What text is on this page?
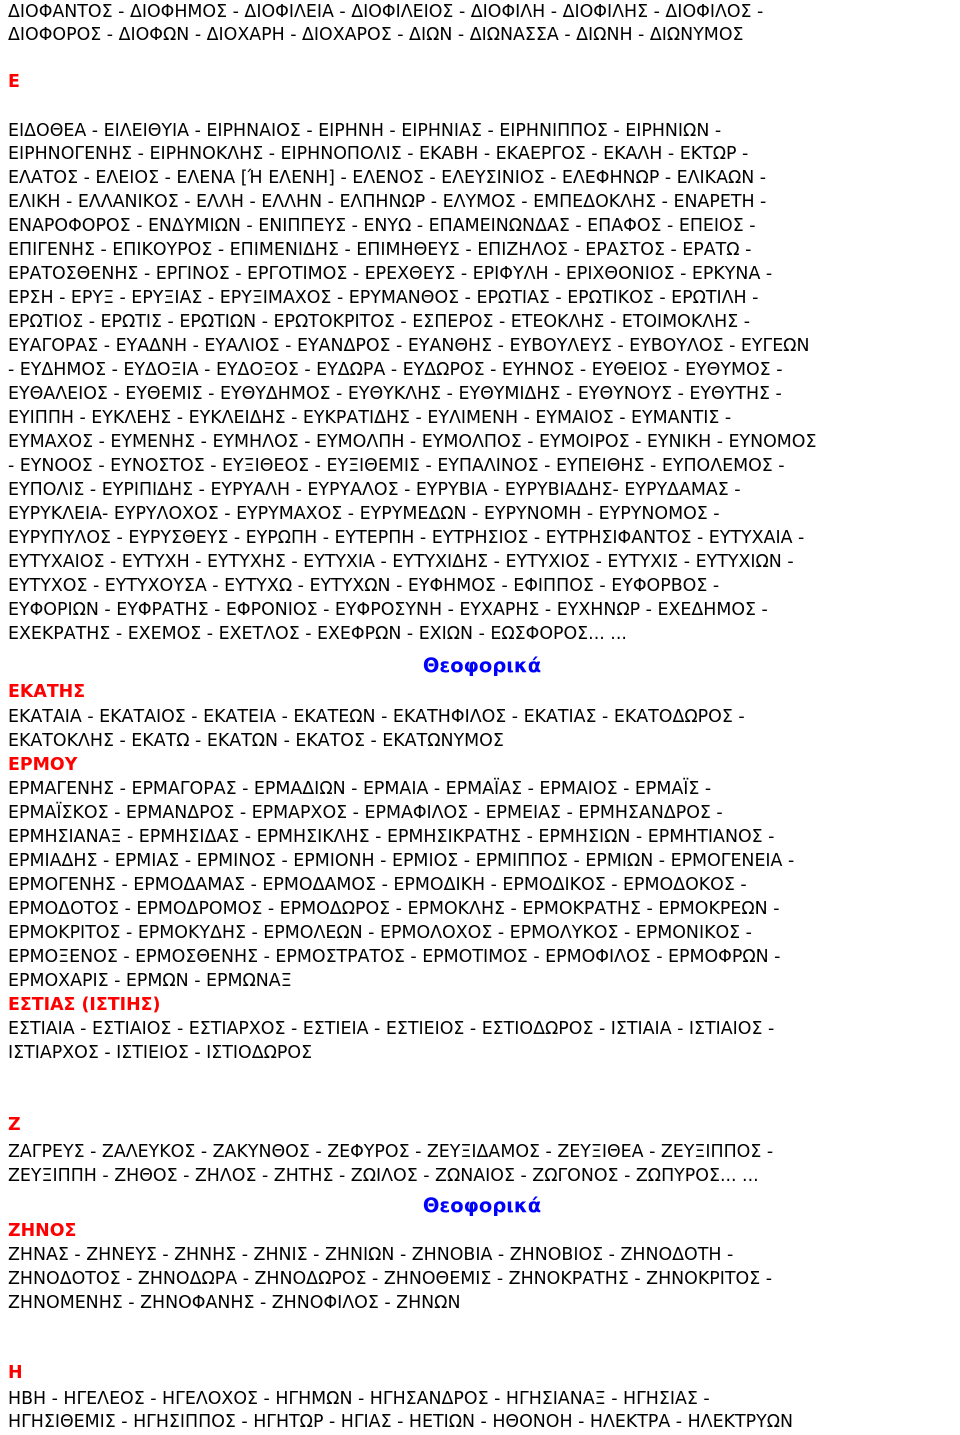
ΔΙΟΦΑΝΤΟΣ - ΔΙΟΦΗΜΟΣ - ΔΙΟΦΙΛΕΙΑ - ΔΙΟΦΙΛΕΙΟΣ - ΔΙΟΦΙΛΗ - ΔΙΟΦΙΛΗΣ - ΔΙΟΦΙΛΟΣ -
ΔΙΟΦΟΡΟΣ - ΔΙΟΦΩΝ - ΔΙΟΧΑΡΗ - ΔΙΟΧΑΡΟΣ - ΔΙΩΝ - ΔΙΩΝΑΣΣΑ - ΔΙΩΝΗ - ΔΙΩΝΥΜΟΣ
Ε
ΕΙΔΟΘΕΑ - ΕΙΛΕΙΘΥΙΑ - ΕΙΡΗΝΑΙΟΣ - ΕΙΡΗΝΗ - ΕΙΡΗΝΙΑΣ - ΕΙΡΗΝΙΠΠΟΣ - ΕΙΡΗΝΙΩΝ -
ΕΙΡΗΝΟΓΕΝΗΣ - ΕΙΡΗΝΟΚΛΗΣ - ΕΙΡΗΝΟΠΟΛΙΣ - ΕΚΑΒΗ - ΕΚΑΕΡΓΟΣ - ΕΚΑΛΗ - ΕΚΤΩΡ -
ΕΛΑΤΟΣ - ΕΛΕΙΟΣ - ΕΛΕΝΑ [Ή ΕΛΕΝΗ] - ΕΛΕΝΟΣ - ΕΛΕΥΣΙΝΙΟΣ - ΕΛΕΦΗΝΩΡ - ΕΛΙΚΑΩΝ -
ΕΛΙΚΗ - ΕΛΛΑΝΙΚΟΣ - ΕΛΛΗ - ΕΛΛΗΝ - ΕΛΠΗΝΩΡ - ΕΛΥΜΟΣ - ΕΜΠΕΔΟΚΛΗΣ - ΕΝΑΡΕΤΗ -
ΕΝΑΡΟΦΟΡΟΣ - ΕΝΔΥΜΙΩΝ - ΕΝΙΠΠΕΥΣ - ΕΝΥΩ - ΕΠΑΜΕΙΝΩΝΔΑΣ - ΕΠΑΦΟΣ - ΕΠΕΙΟΣ -
ΕΠΙΓΕΝΗΣ - ΕΠΙΚΟΥΡΟΣ - ΕΠΙΜΕΝΙΔΗΣ - ΕΠΙΜΗΘΕΥΣ - ΕΠΙΖΗΛΟΣ - ΕΡΑΣΤΟΣ - ΕΡΑΤΩ -
ΕΡΑΤΟΣΘΕΝΗΣ - ΕΡΓΙΝΟΣ - ΕΡΓΟΤΙΜΟΣ - ΕΡΕΧΘΕΥΣ - ΕΡΙΦΥΛΗ - ΕΡΙΧΘΟΝΙΟΣ - ΕΡΚΥΝΑ -
ΕΡΣΗ - ΕΡΥΞ - ΕΡΥΞΙΑΣ - ΕΡΥΞΙΜΑΧΟΣ - ΕΡΥΜΑΝΘΟΣ - ΕΡΩΤΙΑΣ - ΕΡΩΤΙΚΟΣ - ΕΡΩΤΙΛΗ -
ΕΡΩΤΙΟΣ - ΕΡΩΤΙΣ - ΕΡΩΤΙΩΝ - ΕΡΩΤΟΚΡΙΤΟΣ - ΕΣΠΕΡΟΣ - ΕΤΕΟΚΛΗΣ - ΕΤΟΙΜΟΚΛΗΣ -
ΕΥΑΓΟΡΑΣ - ΕΥΑΔΝΗ - ΕΥΑΛΙΟΣ - ΕΥΑΝΔΡΟΣ - ΕΥΑΝΘΗΣ - ΕΥΒΟΥΛΕΥΣ - ΕΥΒΟΥΛΟΣ - ΕΥΓΕΩΝ
- ΕΥΔΗΜΟΣ - ΕΥΔΟΞΙΑ - ΕΥΔΟΞΟΣ - ΕΥΔΩΡΑ - ΕΥΔΩΡΟΣ - ΕΥΗΝΟΣ - ΕΥΘΕΙΟΣ - ΕΥΘΥΜΟΣ -
ΕΥΘΑΛΕΙΟΣ - ΕΥΘΕΜΙΣ - ΕΥΘΥΔΗΜΟΣ - ΕΥΘΥΚΛΗΣ - ΕΥΘΥΜΙΔΗΣ - ΕΥΘΥΝΟΥΣ - ΕΥΘΥΤΗΣ -
ΕΥΙΠΠΗ - ΕΥΚΛΕΗΣ - ΕΥΚΛΕΙΔΗΣ - ΕΥΚΡΑΤΙΔΗΣ - ΕΥΛΙΜΕΝΗ - ΕΥΜΑΙΟΣ - ΕΥΜΑΝΤΙΣ -
ΕΥΜΑΧΟΣ - ΕΥΜΕΝΗΣ - ΕΥΜΗΛΟΣ - ΕΥΜΟΛΠΗ - ΕΥΜΟΛΠΟΣ - ΕΥΜΟΙΡΟΣ - ΕΥΝΙΚΗ - ΕΥΝΟΜΟΣ
- ΕΥΝΟΟΣ - ΕΥΝΟΣΤΟΣ - ΕΥΞΙΘΕΟΣ - ΕΥΞΙΘΕΜΙΣ - ΕΥΠΑΛΙΝΟΣ - ΕΥΠΕΙΘΗΣ - ΕΥΠΟΛΕΜΟΣ -
ΕΥΠΟΛΙΣ - ΕΥΡΙΠΙΔΗΣ - ΕΥΡΥΑΛΗ - ΕΥΡΥΑΛΟΣ - ΕΥΡΥΒΙΑ - ΕΥΡΥΒΙΑΔΗΣ- ΕΥΡΥΔΑΜΑΣ -
ΕΥΡΥΚΛΕΙΑ- ΕΥΡΥΛΟΧΟΣ - ΕΥΡΥΜΑΧΟΣ - ΕΥΡΥΜΕΔΩΝ - ΕΥΡΥΝΟΜΗ - ΕΥΡΥΝΟΜΟΣ -
ΕΥΡΥΠΥΛΟΣ - ΕΥΡΥΣΘΕΥΣ - ΕΥΡΩΠΗ - ΕΥΤΕΡΠΗ - ΕΥΤΡΗΣΙΟΣ - ΕΥΤΡΗΣΙΦΑΝΤΟΣ - ΕΥΤΥΧΑΙΑ -
ΕΥΤΥΧΑΙΟΣ - ΕΥΤΥΧΗ - ΕΥΤΥΧΗΣ - ΕΥΤΥΧΙΑ - ΕΥΤΥΧΙΔΗΣ - ΕΥΤΥΧΙΟΣ - ΕΥΤΥΧΙΣ - ΕΥΤΥΧΙΩΝ -
ΕΥΤΥΧΟΣ - ΕΥΤΥΧΟΥΣΑ - ΕΥΤΥΧΩ - ΕΥΤΥΧΩΝ - ΕΥΦΗΜΟΣ - ΕΦΙΠΠΟΣ - ΕΥΦΟΡΒΟΣ -
ΕΥΦΟΡΙΩΝ - ΕΥΦΡΑΤΗΣ - ΕΦΡΟΝΙΟΣ - ΕΥΦΡΟΣΥΝΗ - ΕΥΧΑΡΗΣ - ΕΥΧΗΝΩΡ - ΕΧΕΔΗΜΟΣ -
ΕΧΕΚΡΑΤΗΣ - ΕΧΕΜΟΣ - ΕΧΕΤΛΟΣ - ΕΧΕΦΡΩΝ - ΕΧΙΩΝ - ΕΩΣΦΟΡΟΣ... ...
Θεοφορικά
ΕΚΑΤΗΣ
ΕΚΑΤΑΙΑ - ΕΚΑΤΑΙΟΣ - ΕΚΑΤΕΙΑ - ΕΚΑΤΕΩΝ - ΕΚΑΤΗΦΙΛΟΣ - ΕΚΑΤΙΑΣ - ΕΚΑΤΟΔΩΡΟΣ -
ΕΚΑΤΟΚΛΗΣ - ΕΚΑΤΩ - ΕΚΑΤΩΝ - ΕΚΑΤΟΣ - ΕΚΑΤΩΝΥΜΟΣ
ΕΡΜΟΥ
ΕΡΜΑΓΕΝΗΣ - ΕΡΜΑΓΟΡΑΣ - ΕΡΜΑΔΙΩΝ - ΕΡΜΑΙΑ - ΕΡΜΑΪΑΣ - ΕΡΜΑΙΟΣ - ΕΡΜΑΪΣ -
ΕΡΜΑΪΣΚΟΣ - ΕΡΜΑΝΔΡΟΣ - ΕΡΜΑΡΧΟΣ - ΕΡΜΑΦΙΛΟΣ - ΕΡΜΕΙΑΣ - ΕΡΜΗΣΑΝΔΡΟΣ -
ΕΡΜΗΣΙΑΝΑΞ - ΕΡΜΗΣΙΔΑΣ - ΕΡΜΗΣΙΚΛΗΣ - ΕΡΜΗΣΙΚΡΑΤΗΣ - ΕΡΜΗΣΙΩΝ - ΕΡΜΗΤΙΑΝΟΣ -
ΕΡΜΙΑΔΗΣ - ΕΡΜΙΑΣ - ΕΡΜΙΝΟΣ - ΕΡΜΙΟΝΗ - ΕΡΜΙΟΣ - ΕΡΜΙΠΠΟΣ - ΕΡΜΙΩΝ - ΕΡΜΟΓΕΝΕΙΑ -
ΕΡΜΟΓΕΝΗΣ - ΕΡΜΟΔΑΜΑΣ - ΕΡΜΟΔΑΜΟΣ - ΕΡΜΟΔΙΚΗ - ΕΡΜΟΔΙΚΟΣ - ΕΡΜΟΔΟΚΟΣ -
ΕΡΜΟΔΟΤΟΣ - ΕΡΜΟΔΡΟΜΟΣ - ΕΡΜΟΔΩΡΟΣ - ΕΡΜΟΚΛΗΣ - ΕΡΜΟΚΡΑΤΗΣ - ΕΡΜΟΚΡΕΩΝ -
ΕΡΜΟΚΡΙΤΟΣ - ΕΡΜΟΚΥΔΗΣ - ΕΡΜΟΛΕΩΝ - ΕΡΜΟΛΟΧΟΣ - ΕΡΜΟΛΥΚΟΣ - ΕΡΜΟΝΙΚΟΣ -
ΕΡΜΟΞΕΝΟΣ - ΕΡΜΟΣΘΕΝΗΣ - ΕΡΜΟΣΤΡΑΤΟΣ - ΕΡΜΟΤΙΜΟΣ - ΕΡΜΟΦΙΛΟΣ - ΕΡΜΟΦΡΩΝ -
ΕΡΜΟΧΑΡΙΣ - ΕΡΜΩΝ - ΕΡΜΩΝΑΞ
ΕΣΤΙΑΣ (ΙΣΤΙΗΣ)
ΕΣΤΙΑΙΑ - ΕΣΤΙΑΙΟΣ - ΕΣΤΙΑΡΧΟΣ - ΕΣΤΙΕΙΑ - ΕΣΤΙΕΙΟΣ - ΕΣΤΙΟΔΩΡΟΣ - ΙΣΤΙΑΙΑ - ΙΣΤΙΑΙΟΣ -
ΙΣΤΙΑΡΧΟΣ - ΙΣΤΙΕΙΟΣ - ΙΣΤΙΟΔΩΡΟΣ
Ζ
ΖΑΓΡΕΥΣ - ΖΑΛΕΥΚΟΣ - ΖΑΚΥΝΘΟΣ - ΖΕΦΥΡΟΣ - ΖΕΥΞΙΔΑΜΟΣ - ΖΕΥΞΙΘΕΑ - ΖΕΥΞΙΠΠΟΣ -
ΖΕΥΞΙΠΠΗ - ΖΗΘΟΣ - ΖΗΛΟΣ - ΖΗΤΗΣ - ΖΩΙΛΟΣ - ΖΩΝΑΙΟΣ - ΖΩΓΟΝΟΣ - ΖΩΠΥΡΟΣ... ...
Θεοφορικά
ΖΗΝΟΣ
ΖΗΝΑΣ - ΖΗΝΕΥΣ - ΖΗΝΗΣ - ΖΗΝΙΣ - ΖΗΝΙΩΝ - ΖΗΝΟΒΙΑ - ΖΗΝΟΒΙΟΣ - ΖΗΝΟΔΟΤΗ -
ΖΗΝΟΔΟΤΟΣ - ΖΗΝΟΔΩΡΑ - ΖΗΝΟΔΩΡΟΣ - ΖΗΝΟΘΕΜΙΣ - ΖΗΝΟΚΡΑΤΗΣ - ΖΗΝΟΚΡΙΤΟΣ -
ΖΗΝΟΜΕΝΗΣ - ΖΗΝΟΦΑΝΗΣ - ΖΗΝΟΦΙΛΟΣ - ΖΗΝΩΝ
Η
ΗΒΗ - ΗΓΕΛΕΟΣ - ΗΓΕΛΟΧΟΣ - ΗΓΗΜΩΝ - ΗΓΗΣΑΝΔΡΟΣ - ΗΓΗΣΙΑΝΑΞ - ΗΓΗΣΙΑΣ -
ΗΓΗΣΙΘΕΜΙΣ - ΗΓΗΣΙΠΠΟΣ - ΗΓΗΤΩΡ - ΗΓΙΑΣ - ΗΕΤΙΩΝ - ΗΘΟΝΟΗ - ΗΛΕΚΤΡΑ - ΗΛΕΚΤΡΥΩΝ
